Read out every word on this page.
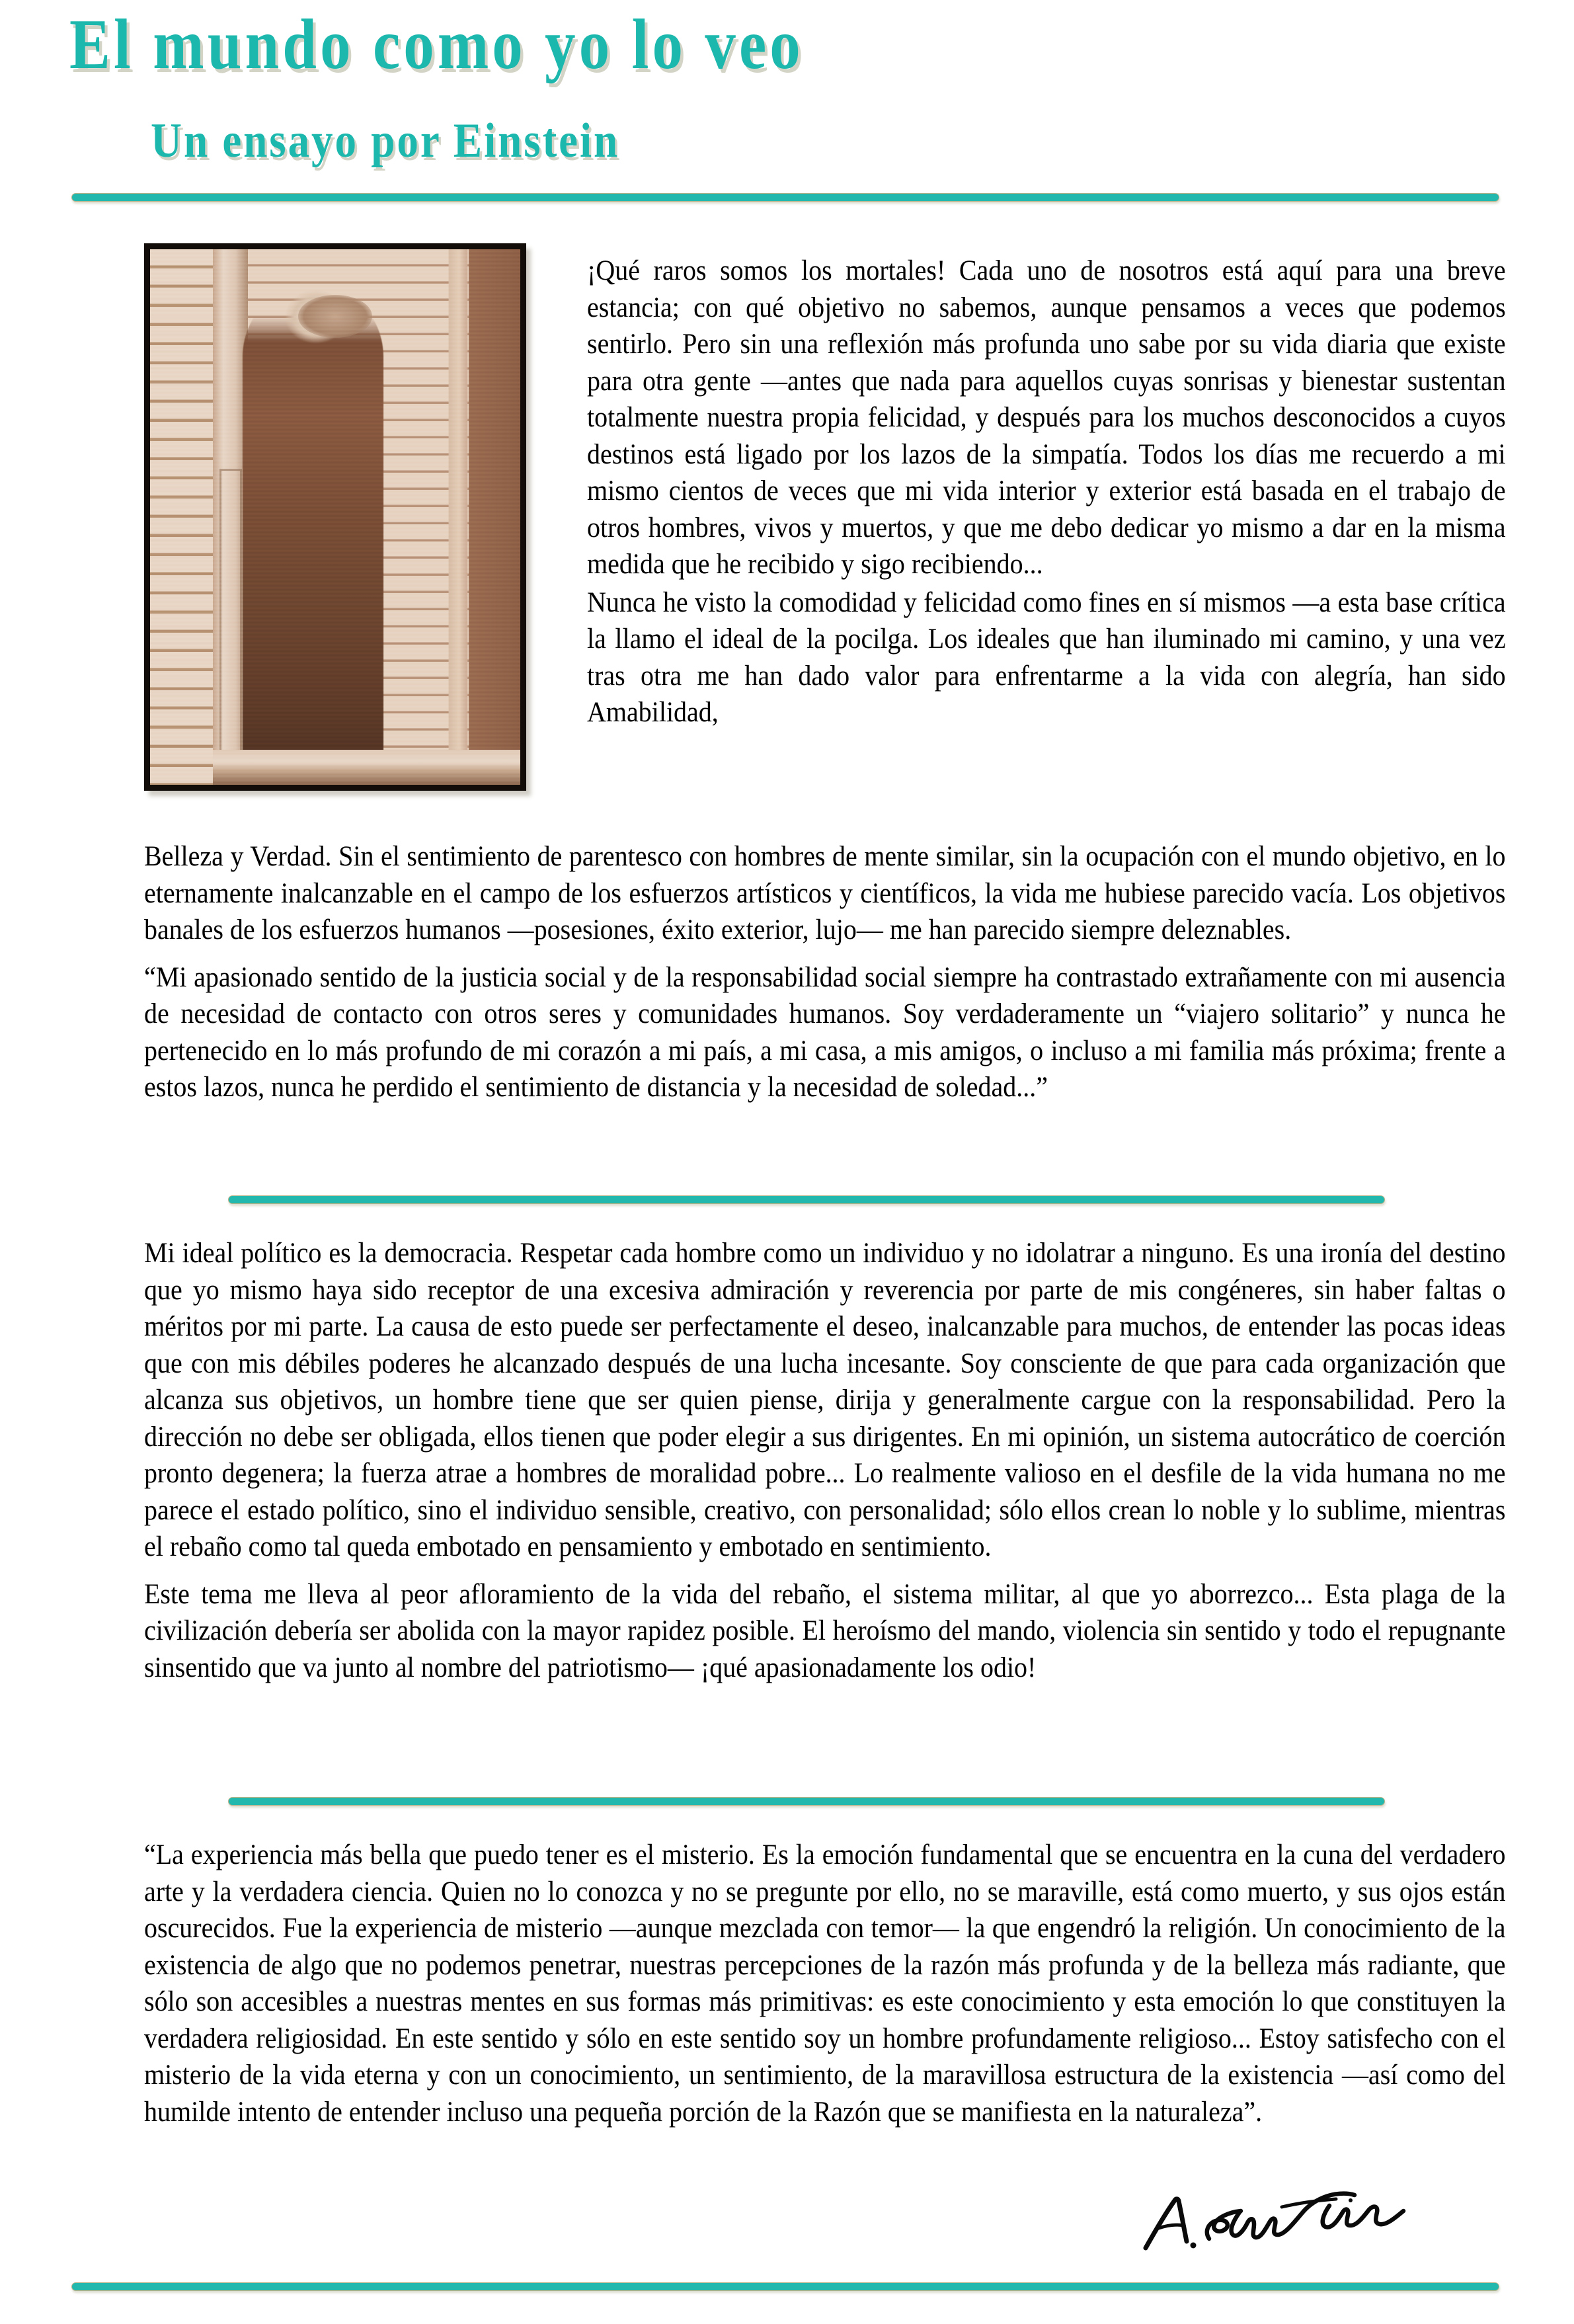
El mundo como yo lo veo
Un ensayo por Einstein

¡Qué raros somos los mortales! Cada uno de nosotros está aquí para una breve estancia; con qué objetivo no sabemos, aunque pensamos a veces que podemos sentirlo. Pero sin una reflexión más profunda uno sabe por su vida diaria que existe para otra gente —antes que nada para aquellos cuyas sonrisas y bienestar sustentan totalmente nuestra propia felicidad, y después para los muchos desconocidos a cuyos destinos está ligado por los lazos de la simpatía. Todos los días me recuerdo a mi mismo cientos de veces que mi vida interior y exterior está basada en el trabajo de otros hombres, vivos y muertos, y que me debo dedicar yo mismo a dar en la misma medida que he recibido y sigo recibiendo...

Nunca he visto la comodidad y felicidad como fines en sí mismos —a esta base crítica la llamo el ideal de la pocilga. Los ideales que han iluminado mi camino, y una vez tras otra me han dado valor para enfrentarme a la vida con alegría, han sido Amabilidad,

Belleza y Verdad. Sin el sentimiento de parentesco con hombres de mente similar, sin la ocupación con el mundo objetivo, en lo eternamente inalcanzable en el campo de los esfuerzos artísticos y científicos, la vida me hubiese parecido vacía. Los objetivos banales de los esfuerzos humanos —posesiones, éxito exterior, lujo— me han parecido siempre deleznables.

“Mi apasionado sentido de la justicia social y de la responsabilidad social siempre ha contrastado extrañamente con mi ausencia de necesidad de contacto con otros seres y comunidades humanos. Soy verdaderamente un “viajero solitario” y nunca he pertenecido en lo más profundo de mi corazón a mi país, a mi casa, a mis amigos, o incluso a mi familia más próxima; frente a estos lazos, nunca he perdido el sentimiento de distancia y la necesidad de soledad...”

Mi ideal político es la democracia. Respetar cada hombre como un individuo y no idolatrar a ninguno. Es una ironía del destino que yo mismo haya sido receptor de una excesiva admiración y reverencia por parte de mis congéneres, sin haber faltas o méritos por mi parte. La causa de esto puede ser perfectamente el deseo, inalcanzable para muchos, de entender las pocas ideas que con mis débiles poderes he alcanzado después de una lucha incesante. Soy consciente de que para cada organización que alcanza sus objetivos, un hombre tiene que ser quien piense, dirija y generalmente cargue con la responsabilidad. Pero la dirección no debe ser obligada, ellos tienen que poder elegir a sus dirigentes. En mi opinión, un sistema autocrático de coerción pronto degenera; la fuerza atrae a hombres de moralidad pobre... Lo realmente valioso en el desfile de la vida humana no me parece el estado político, sino el individuo sensible, creativo, con personalidad; sólo ellos crean lo noble y lo sublime, mientras el rebaño como tal queda embotado en pensamiento y embotado en sentimiento.

Este tema me lleva al peor afloramiento de la vida del rebaño, el sistema militar, al que yo aborrezco... Esta plaga de la civilización debería ser abolida con la mayor rapidez posible. El heroísmo del mando, violencia sin sentido y todo el repugnante sinsentido que va junto al nombre del patriotismo— ¡qué apasionadamente los odio!

“La experiencia más bella que puedo tener es el misterio. Es la emoción fundamental que se encuentra en la cuna del verdadero arte y la verdadera ciencia. Quien no lo conozca y no se pregunte por ello, no se maraville, está como muerto, y sus ojos están oscurecidos. Fue la experiencia de misterio —aunque mezclada con temor— la que engendró la religión. Un conocimiento de la existencia de algo que no podemos penetrar, nuestras percepciones de la razón más profunda y de la belleza más radiante, que sólo son accesibles a nuestras mentes en sus formas más primitivas: es este conocimiento y esta emoción lo que constituyen la verdadera religiosidad. En este sentido y sólo en este sentido soy un hombre profundamente religioso... Estoy satisfecho con el misterio de la vida eterna y con un conocimiento, un sentimiento, de la maravillosa estructura de la existencia —así como del humilde intento de entender incluso una pequeña porción de la Razón que se manifiesta en la naturaleza”.
